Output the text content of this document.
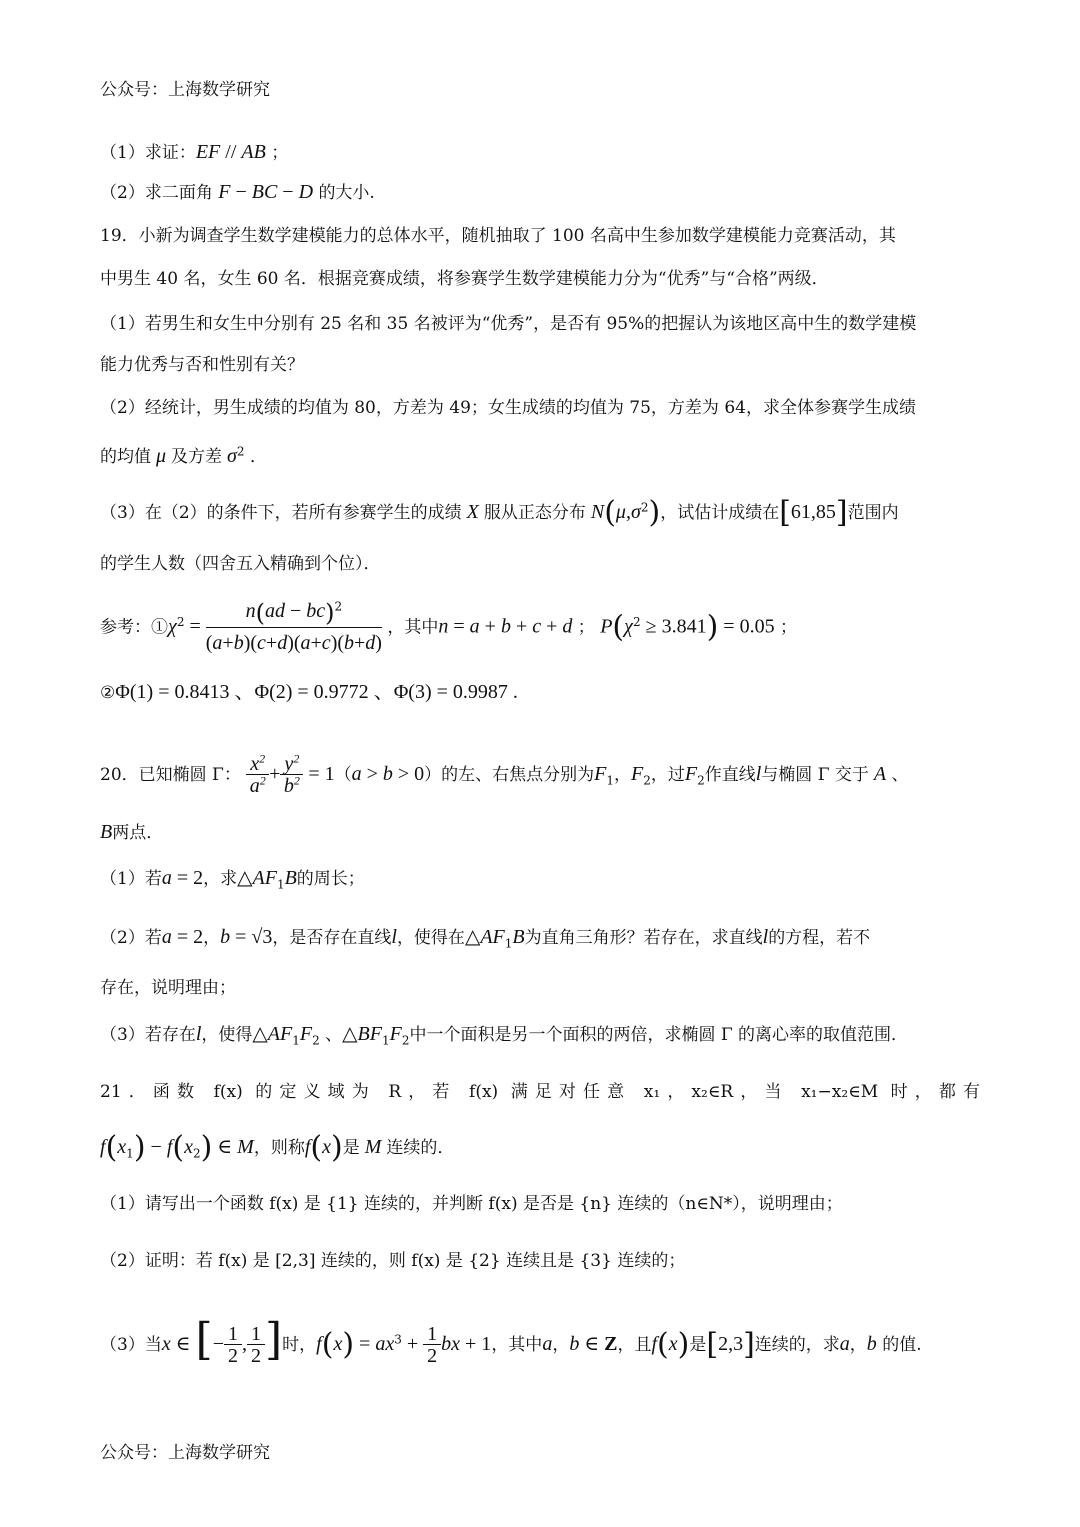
公众号：上海数学研究
（1）求证：EF // AB ；
（2）求二面角 F − BC − D 的大小.
19．小新为调查学生数学建模能力的总体水平，随机抽取了 100 名高中生参加数学建模能力竞赛活动，其
中男生 40 名，女生 60 名．根据竞赛成绩，将参赛学生数学建模能力分为“优秀”与“合格”两级．
（1）若男生和女生中分别有 25 名和 35 名被评为“优秀”，是否有 95%的把握认为该地区高中生的数学建模
能力优秀与否和性别有关？
（2）经统计，男生成绩的均值为 80，方差为 49；女生成绩的均值为 75，方差为 64，求全体参赛学生成绩
的均值 μ 及方差 $\sigma^2$ ．
（3）在（2）的条件下，若所有参赛学生的成绩 X 服从正态分布 $N(\mu,\sigma^2)$，试估计成绩在[61,85]范围内
的学生人数（四舍五入精确到个位）．
参考：$①\chi^2 = \frac{n(ad - bc)^2}{(a+b)(c+d)(a+c)(b+d)}$ ，其中n = a + b + c + d ； $P(\chi^2 \ge 3.841) = 0.05$ ；
②Φ(1) = 0.8413 、Φ(2) = 0.9772 、Φ(3) = 0.9987 .
20．已知椭圆 Γ： $\frac{x^2}{a^2} + \frac{y^2}{b^2} = 1(a > b > 0)$的左、右焦点分别为$F_1$，$F_2$，过$F_2$作直线l与椭圆 Γ 交于 A 、
B两点．
（1）若a = 2，求$\triangle AF_1B$的周长；
（2）若a = 2，b = √3，是否存在直线l，使得在$\triangle AF_1B$为直角三角形？若存在，求直线l的方程，若不
存在，说明理由；
（3）若存在l，使得$\triangle AF_1F_2$ 、$\triangle BF_1F_2$中一个面积是另一个面积的两倍，求椭圆 Γ 的离心率的取值范围．
21．函数 f(x) 的定义域为 R，若 f(x) 满足对任意 x₁，x₂∈R，当 x₁−x₂∈M 时，都有
$f(x_1) - f(x_2)$ ∈ M，则称f(x)是 M 连续的．
（1）请写出一个函数 f(x) 是 {1} 连续的，并判断 f(x) 是否是 {n} 连续的（n∈N*），说明理由；
（2）证明：若 f(x) 是 [2,3] 连续的，则 f(x) 是 {2} 连续且是 {3} 连续的；
（3）当x ∈ [− $\frac{1}{2}$ , $\frac{1}{2}$ ]时，$f(x) = ax^3 + \frac{1}{2}$ bx + 1，其中a，b ∈ Z，且f(x)是[2,3]连续的，求a，b 的值.
公众号：上海数学研究
